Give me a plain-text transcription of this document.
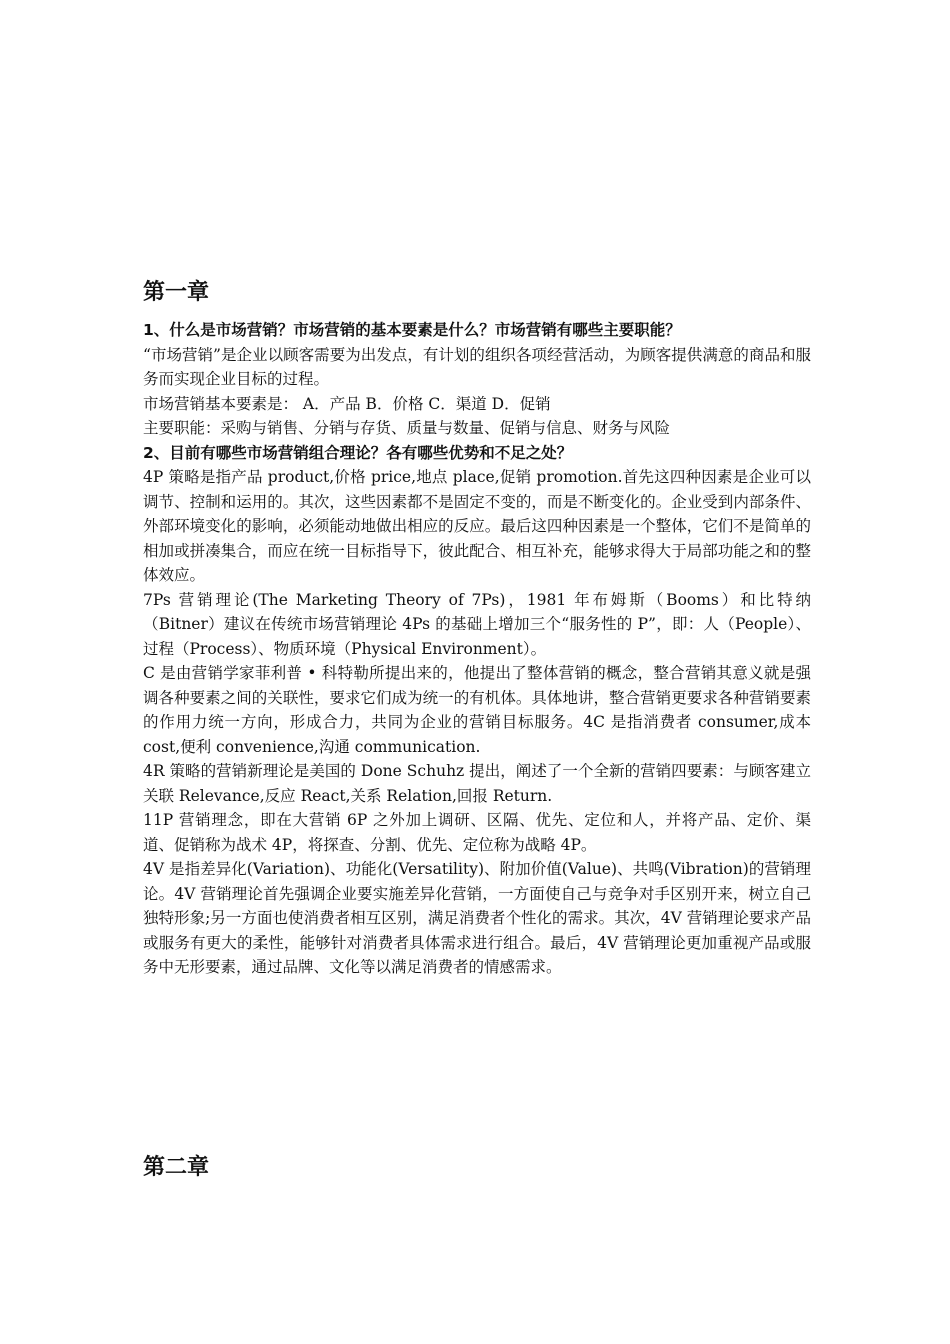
第一章

1、什么是市场营销？市场营销的基本要素是什么？市场营销有哪些主要职能？

“市场营销”是企业以顾客需要为出发点，有计划的组织各项经营活动，为顾客提供满意的商品和服务而实现企业目标的过程。

市场营销基本要素是： A．产品 B．价格 C．渠道 D．促销

主要职能：采购与销售、分销与存货、质量与数量、促销与信息、财务与风险

2、目前有哪些市场营销组合理论？各有哪些优势和不足之处？

4P 策略是指产品 product,价格 price,地点 place,促销 promotion.首先这四种因素是企业可以调节、控制和运用的。其次，这些因素都不是固定不变的，而是不断变化的。企业受到内部条件、外部环境变化的影响，必须能动地做出相应的反应。最后这四种因素是一个整体，它们不是简单的相加或拼凑集合，而应在统一目标指导下，彼此配合、相互补充，能够求得大于局部功能之和的整体效应。

7Ps 营销理论(The Marketing Theory of 7Ps)，1981 年布姆斯（Booms）和比特纳（Bitner）建议在传统市场营销理论 4Ps 的基础上增加三个“服务性的 P”，即：人（People）、过程（Process）、物质环境（Physical Environment）。

C 是由营销学家菲利普 • 科特勒所提出来的，他提出了整体营销的概念，整合营销其意义就是强调各种要素之间的关联性，要求它们成为统一的有机体。具体地讲，整合营销更要求各种营销要素的作用力统一方向，形成合力，共同为企业的营销目标服务。4C 是指消费者 consumer,成本 cost,便利 convenience,沟通 communication.

4R 策略的营销新理论是美国的 Done Schuhz 提出，阐述了一个全新的营销四要素：与顾客建立关联 Relevance,反应 React,关系 Relation,回报 Return.

11P 营销理念，即在大营销 6P 之外加上调研、区隔、优先、定位和人，并将产品、定价、渠道、促销称为战术 4P，将探查、分割、优先、定位称为战略 4P。

4V 是指差异化(Variation)、功能化(Versatility)、附加价值(Value)、共鸣(Vibration)的营销理论。4V 营销理论首先强调企业要实施差异化营销，一方面使自己与竞争对手区别开来，树立自己独特形象;另一方面也使消费者相互区别，满足消费者个性化的需求。其次，4V 营销理论要求产品或服务有更大的柔性，能够针对消费者具体需求进行组合。最后，4V 营销理论更加重视产品或服务中无形要素，通过品牌、文化等以满足消费者的情感需求。

第二章
